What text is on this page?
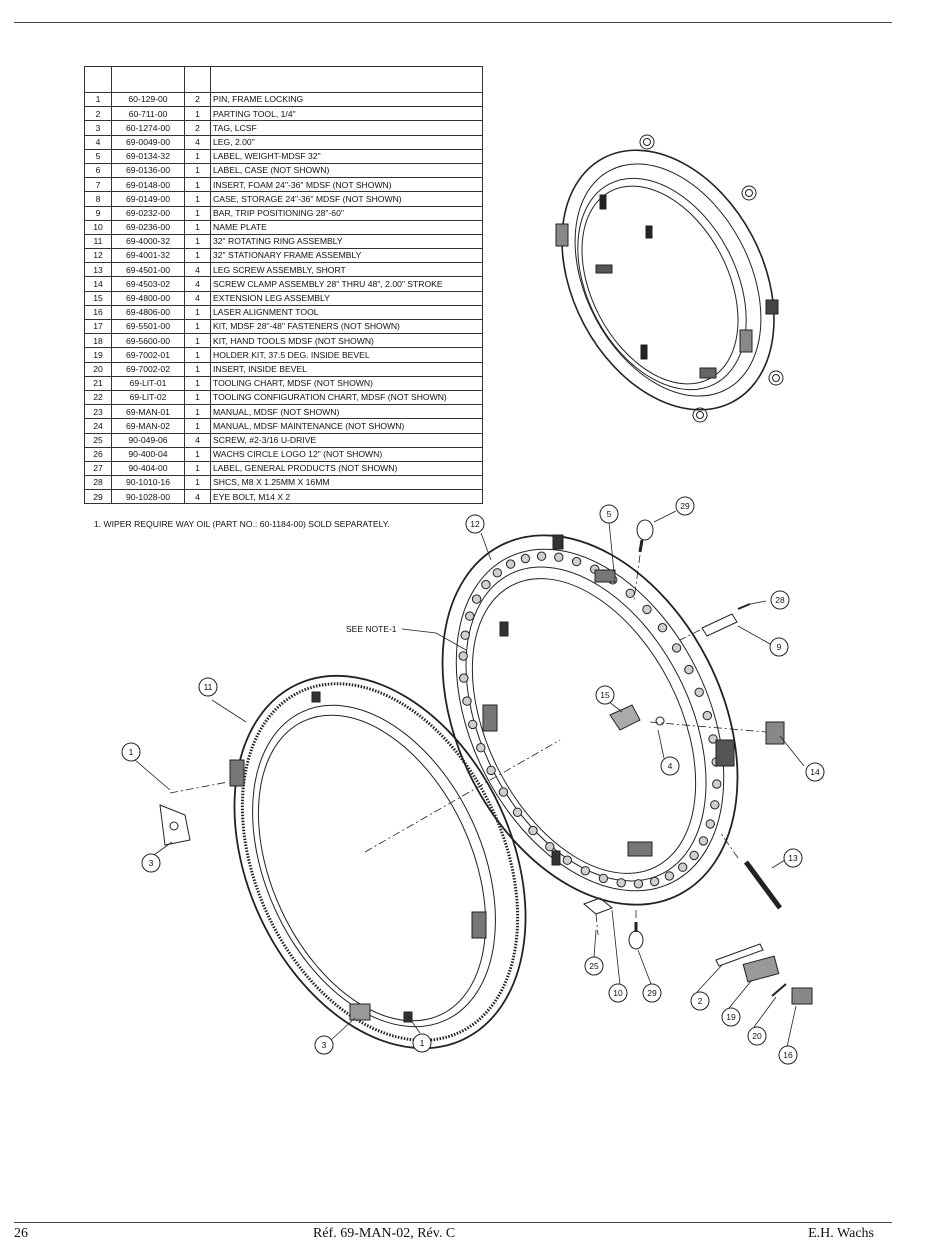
1	60-129-00	2	PIN, FRAME LOCKING
2	60-711-00	1	PARTING TOOL, 1/4"
3	60-1274-00	2	TAG, LCSF
4	69-0049-00	4	LEG, 2.00"
5	69-0134-32	1	LABEL, WEIGHT-MDSF 32"
6	69-0136-00	1	LABEL, CASE (NOT SHOWN)
7	69-0148-00	1	INSERT, FOAM 24"-36" MDSF (NOT SHOWN)
8	69-0149-00	1	CASE, STORAGE 24"-36" MDSF (NOT SHOWN)
9	69-0232-00	1	BAR, TRIP POSITIONING 28"-60"
10	69-0236-00	1	NAME PLATE
11	69-4000-32	1	32" ROTATING RING ASSEMBLY
12	69-4001-32	1	32" STATIONARY FRAME ASSEMBLY
13	69-4501-00	4	LEG SCREW ASSEMBLY, SHORT
14	69-4503-02	4	SCREW CLAMP ASSEMBLY 28" THRU 48", 2.00" STROKE
15	69-4800-00	4	EXTENSION LEG ASSEMBLY
16	69-4806-00	1	LASER ALIGNMENT TOOL
17	69-5501-00	1	KIT, MDSF 28"-48" FASTENERS (NOT SHOWN)
18	69-5600-00	1	KIT, HAND TOOLS MDSF (NOT SHOWN)
19	69-7002-01	1	HOLDER KIT, 37.5 DEG. INSIDE BEVEL
20	69-7002-02	1	INSERT, INSIDE BEVEL
21	69-LIT-01	1	TOOLING CHART, MDSF (NOT SHOWN)
22	69-LIT-02	1	TOOLING CONFIGURATION CHART, MDSF (NOT SHOWN)
23	69-MAN-01	1	MANUAL, MDSF (NOT SHOWN)
24	69-MAN-02	1	MANUAL, MDSF MAINTENANCE (NOT SHOWN)
25	90-049-06	4	SCREW, #2-3/16 U-DRIVE
26	90-400-04	1	WACHS CIRCLE LOGO 12" (NOT SHOWN)
27	90-404-00	1	LABEL, GENERAL PRODUCTS (NOT SHOWN)
28	90-1010-16	1	SHCS, M8 X 1.25MM X 16MM
29	90-1028-00	4	EYE BOLT, M14 X 2
1. WIPER REQUIRE WAY OIL (PART NO.: 60-1184-00) SOLD SEPARATELY.	12
5
29
28
9
11
15
1
4
14
3	13
25
10	29
2
19
20
16
3	1
SEE NOTE-1
26	Réf. 69-MAN-02, Rév. C	E.H. Wachs
